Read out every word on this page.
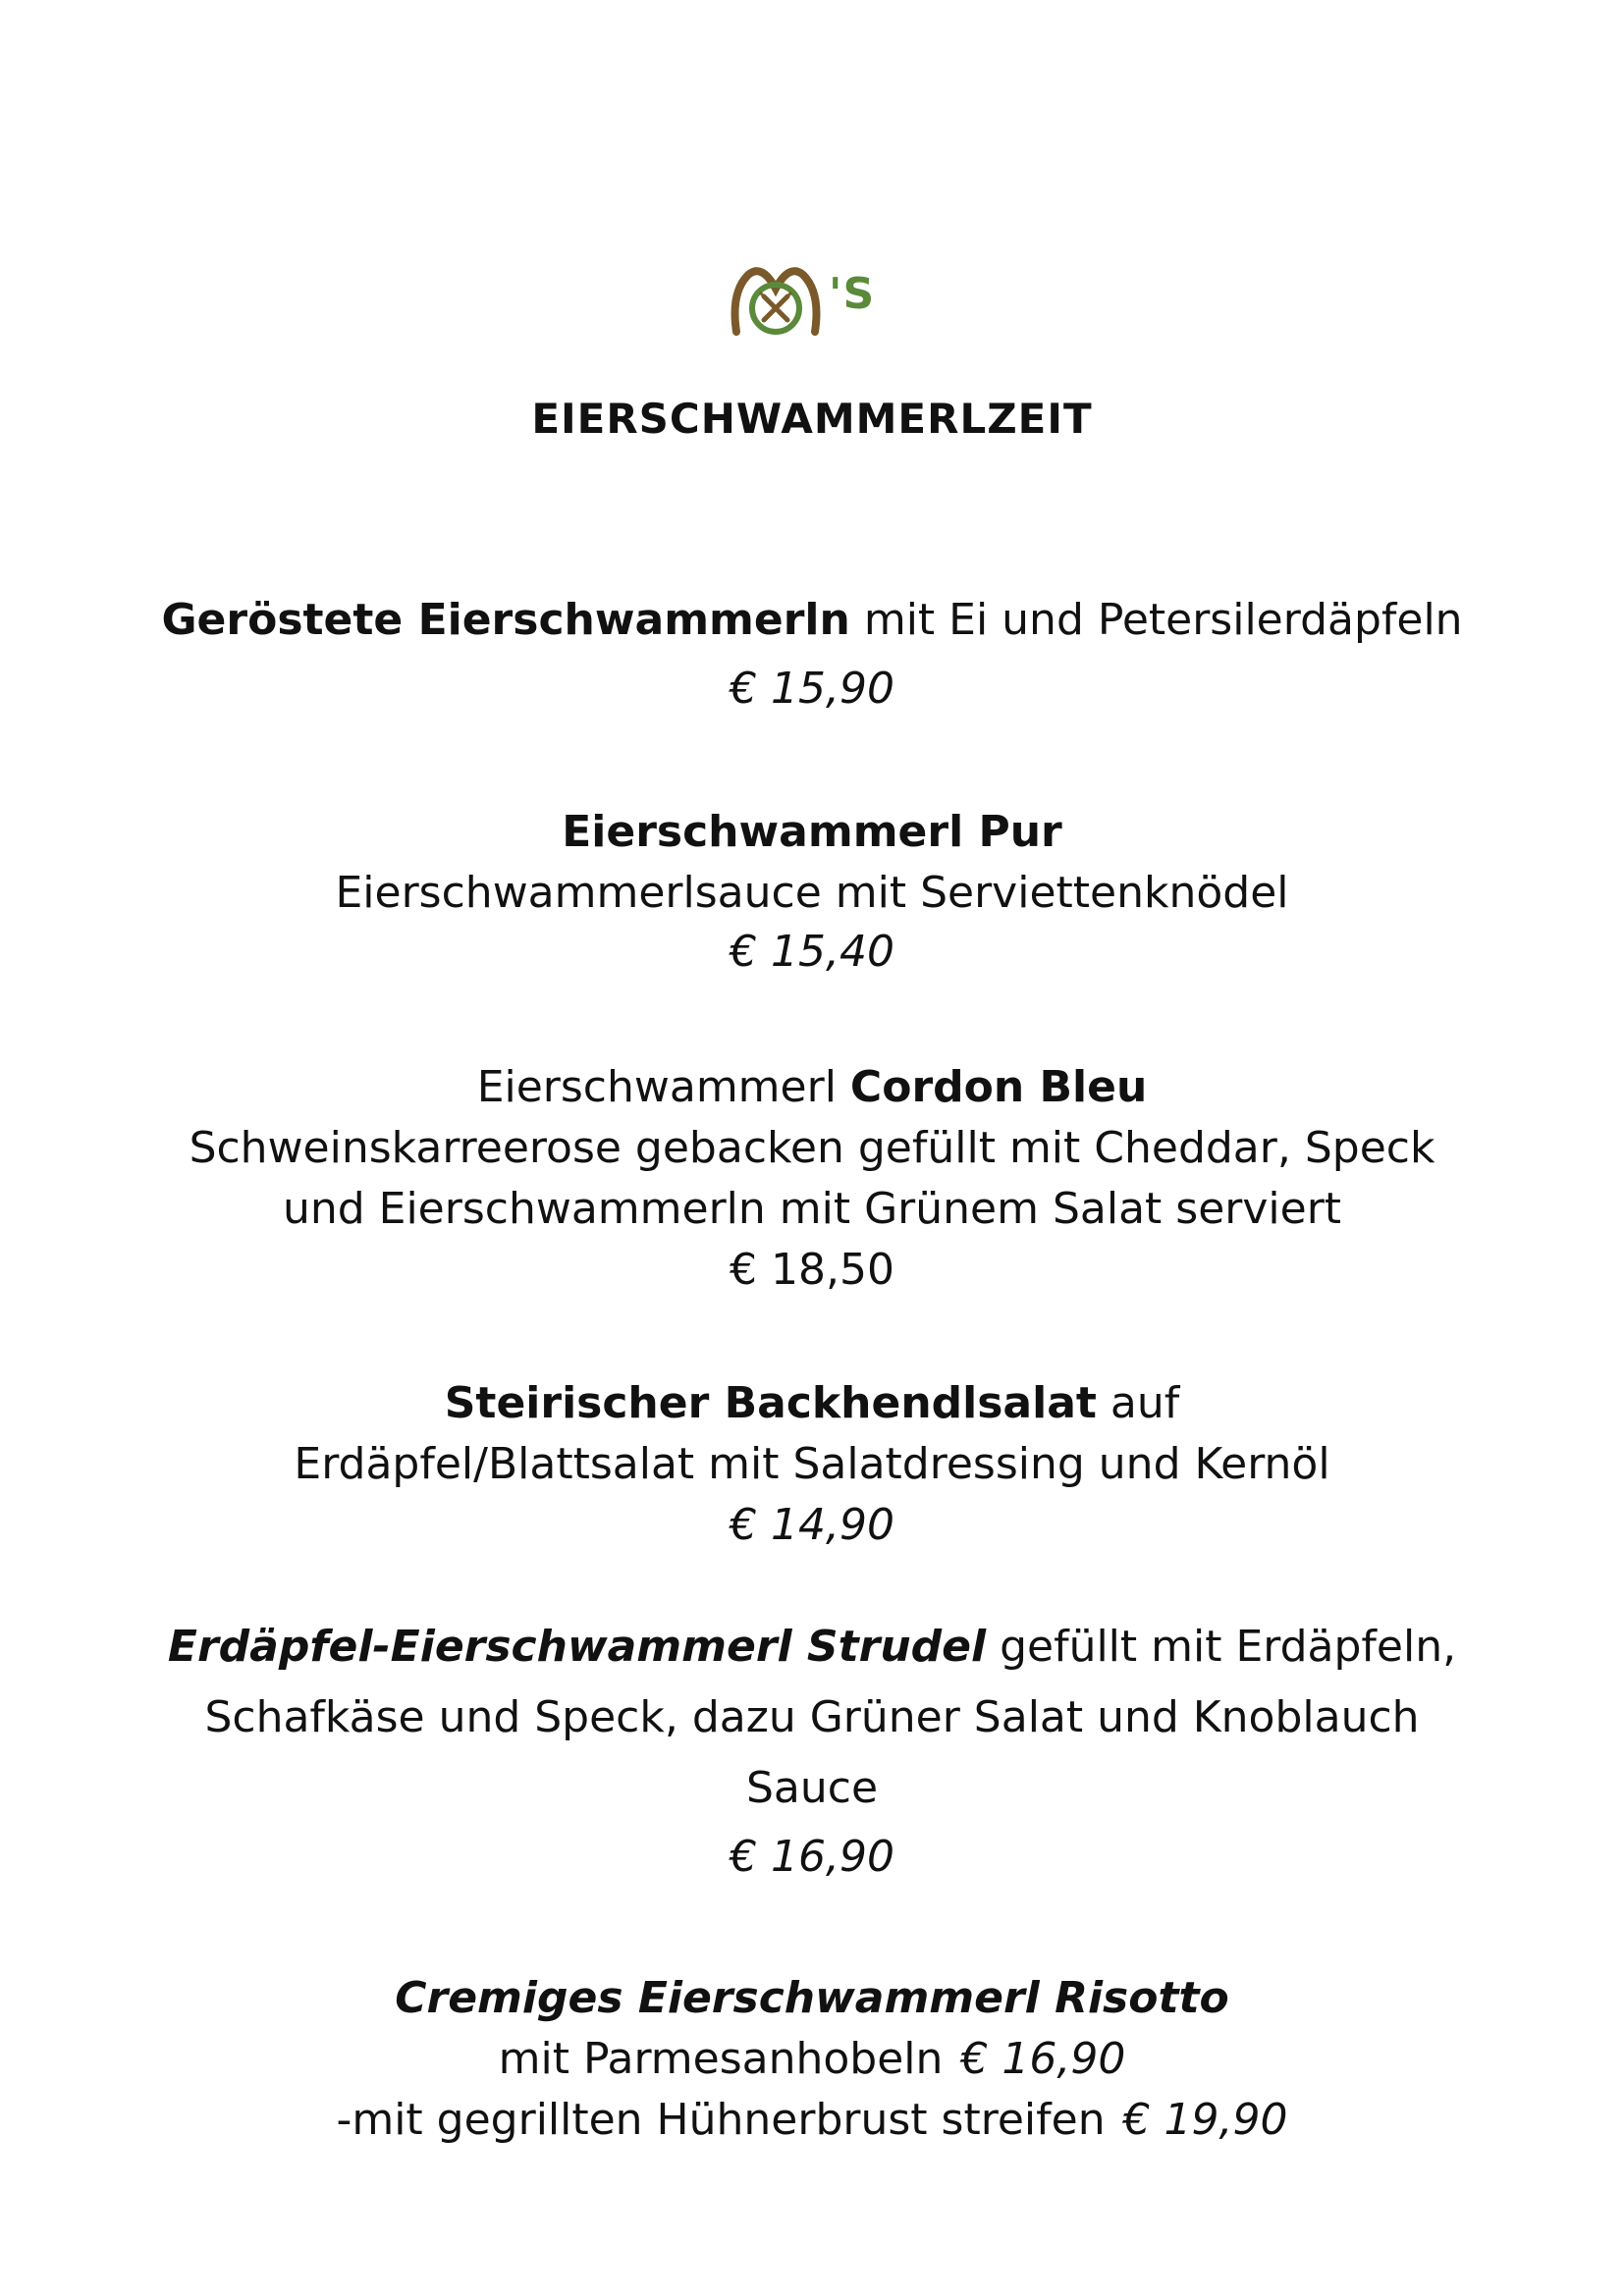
'S
EIERSCHWAMMERLZEIT
Geröstete Eierschwammerln mit Ei und Petersilerdäpfeln
€ 15,90
Eierschwammerl Pur
Eierschwammerlsauce mit Serviettenknödel
€ 15,40
Eierschwammerl Cordon Bleu
Schweinskarreerose gebacken gefüllt mit Cheddar, Speck
und Eierschwammerln mit Grünem Salat serviert
€ 18,50
Steirischer Backhendlsalat auf
Erdäpfel/Blattsalat mit Salatdressing und Kernöl
€ 14,90
Erdäpfel-Eierschwammerl Strudel gefüllt mit Erdäpfeln,
Schafkäse und Speck, dazu Grüner Salat und Knoblauch
Sauce
€ 16,90
Cremiges Eierschwammerl Risotto
mit Parmesanhobeln € 16,90
-mit gegrillten Hühnerbrust streifen € 19,90
